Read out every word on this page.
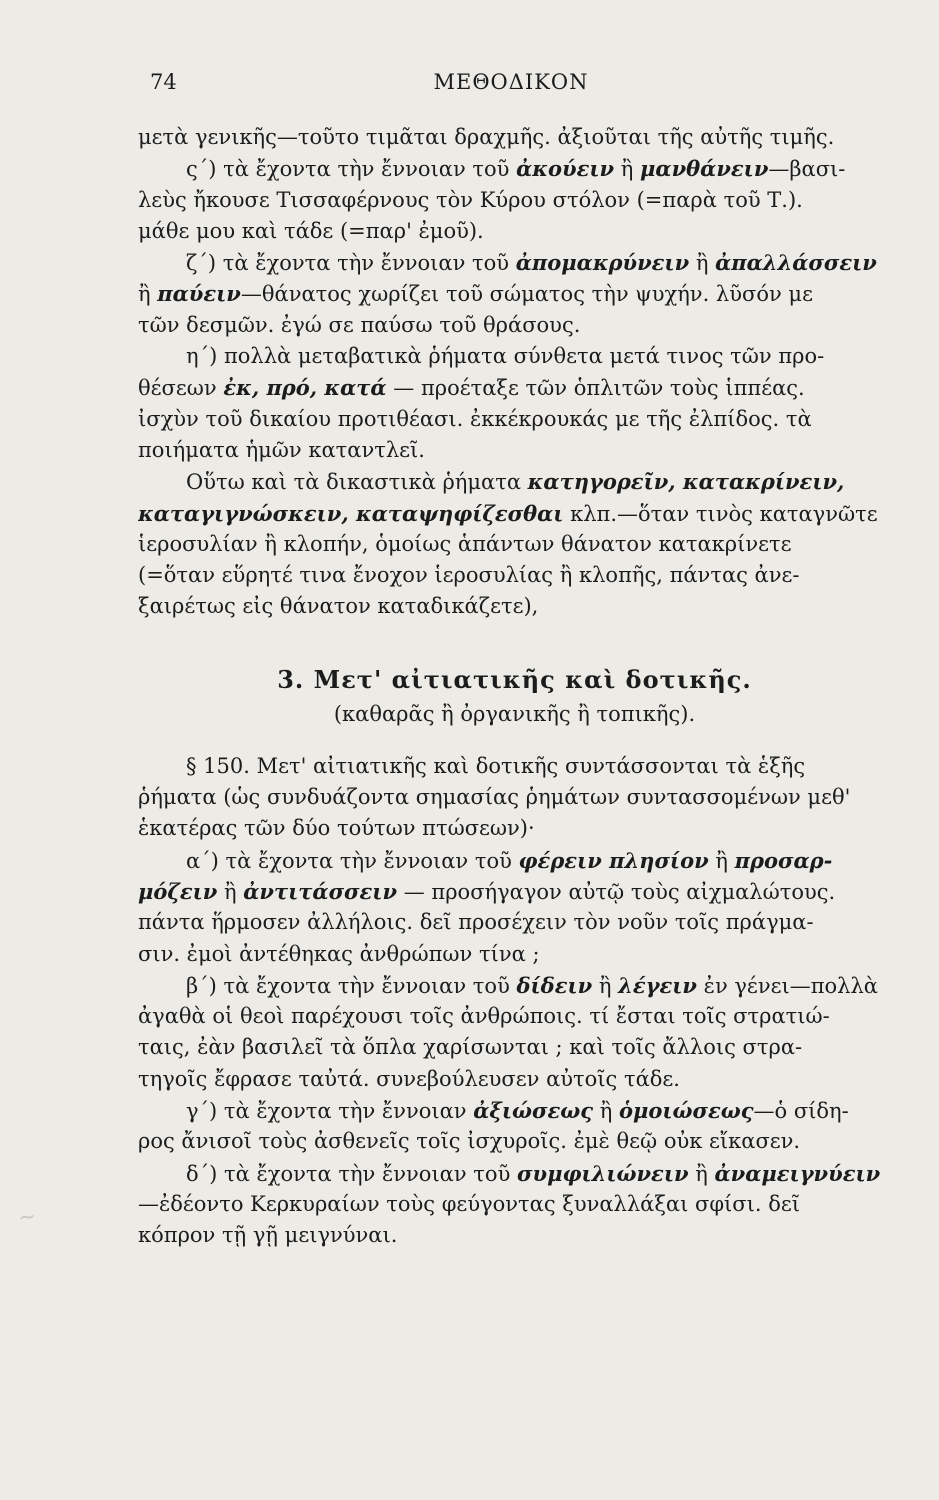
74	ΜΕΘΟΔΙΚΟΝ
~
μετὰ γενικῆς—τοῦτο τιμᾶται δραχμῆς. ἀξιοῦται τῆς αὐτῆς τιμῆς.
ς´) τὰ ἔχοντα τὴν ἔννοιαν τοῦ ἀκούειν ἢ μανθάνειν—βασι-
λεὺς ἤκουσε Τισσαφέρνους τὸν Κύρου στόλον (=παρὰ τοῦ Τ.).
μάθε μου καὶ τάδε (=παρ' ἐμοῦ).
ζ´) τὰ ἔχοντα τὴν ἔννοιαν τοῦ ἀπομακρύνειν ἢ ἀπαλλάσσειν
ἢ παύειν—θάνατος χωρίζει τοῦ σώματος τὴν ψυχήν. λῦσόν με
τῶν δεσμῶν. ἐγώ σε παύσω τοῦ θράσους.
η´) πολλὰ μεταβατικὰ ῥήματα σύνθετα μετά τινος τῶν προ-
θέσεων ἐκ, πρό, κατά — προέταξε τῶν ὁπλιτῶν τοὺς ἱππέας.
ἰσχὺν τοῦ δικαίου προτιθέασι. ἐκκέκρουκάς με τῆς ἐλπίδος. τὰ
ποιήματα ἡμῶν καταντλεῖ.
Οὕτω καὶ τὰ δικαστικὰ ῥήματα κατηγορεῖν, κατακρίνειν,
καταγιγνώσκειν, καταψηφίζεσθαι κλπ.—ὅταν τινὸς καταγνῶτε
ἱεροσυλίαν ἢ κλοπήν, ὁμοίως ἁπάντων θάνατον κατακρίνετε
(=ὅταν εὕρητέ τινα ἔνοχον ἱεροσυλίας ἢ κλοπῆς, πάντας ἀνε-
ξαιρέτως εἰς θάνατον καταδικάζετε),
3. Μετ' αἰτιατικῆς καὶ δοτικῆς.
(καθαρᾶς ἢ ὀργανικῆς ἢ τοπικῆς).
§ 150. Μετ' αἰτιατικῆς καὶ δοτικῆς συντάσσονται τὰ ἑξῆς
ῥήματα (ὡς συνδυάζοντα σημασίας ῥημάτων συντασσομένων μεθ'
ἑκατέρας τῶν δύο τούτων πτώσεων)·
α´) τὰ ἔχοντα τὴν ἔννοιαν τοῦ φέρειν πλησίον ἢ προσαρ-
μόζειν ἢ ἀντιτάσσειν — προσήγαγον αὐτῷ τοὺς αἰχμαλώτους.
πάντα ἥρμοσεν ἀλλήλοις. δεῖ προσέχειν τὸν νοῦν τοῖς πράγμα-
σιν. ἐμοὶ ἀντέθηκας ἀνθρώπων τίνα ;
β´) τὰ ἔχοντα τὴν ἔννοιαν τοῦ δίδειν ἢ λέγειν ἐν γένει—πολλὰ
ἀγαθὰ οἱ θεοὶ παρέχουσι τοῖς ἀνθρώποις. τί ἔσται τοῖς στρατιώ-
ταις, ἐὰν βασιλεῖ τὰ ὅπλα χαρίσωνται ; καὶ τοῖς ἄλλοις στρα-
τηγοῖς ἔφρασε ταὐτά. συνεβούλευσεν αὐτοῖς τάδε.
γ´) τὰ ἔχοντα τὴν ἔννοιαν ἀξιώσεως ἢ ὁμοιώσεως—ὁ σίδη-
ρος ἄνισοῖ τοὺς ἀσθενεῖς τοῖς ἰσχυροῖς. ἐμὲ θεῷ οὐκ εἴκασεν.
δ´) τὰ ἔχοντα τὴν ἔννοιαν τοῦ συμφιλιώνειν ἢ ἀναμειγνύειν
—ἐδέοντο Κερκυραίων τοὺς φεύγοντας ξυναλλάξαι σφίσι. δεῖ
κόπρον τῇ γῇ μειγνύναι.
